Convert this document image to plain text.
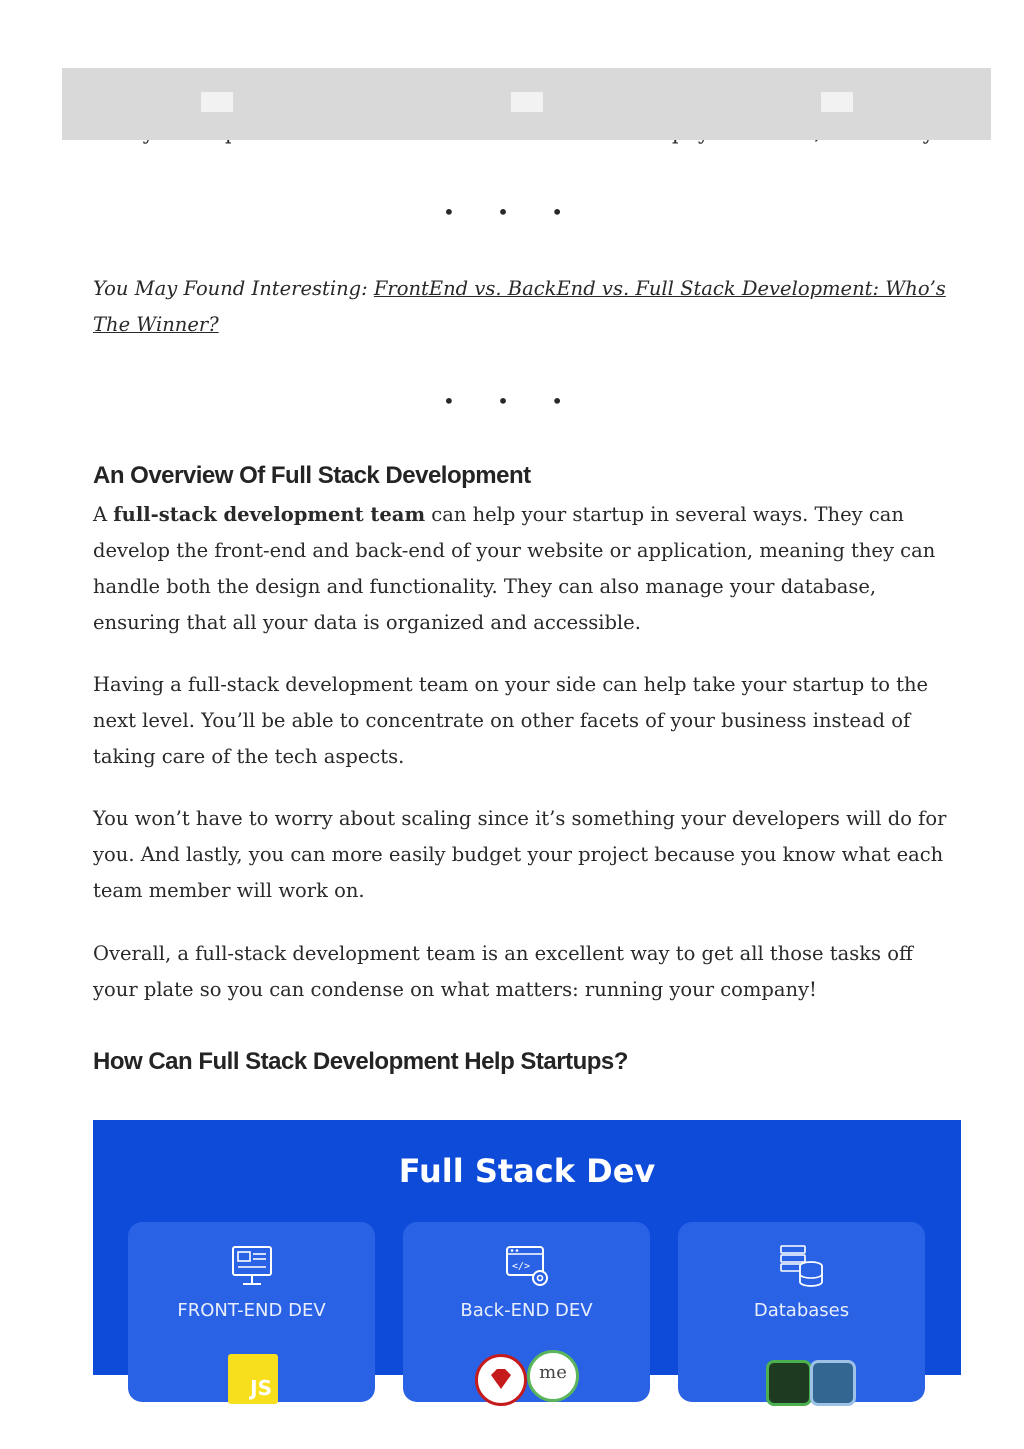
• • •

You May Found Interesting: FrontEnd vs. BackEnd vs. Full Stack Development: Who’s The Winner?

• • •
An Overview Of Full Stack Development

A full-stack development team can help your startup in several ways. They can develop the front-end and back-end of your website or application, meaning they can handle both the design and functionality. They can also manage your database, ensuring that all your data is organized and accessible.

Having a full-stack development team on your side can help take your startup to the next level. You’ll be able to concentrate on other facets of your business instead of taking care of the tech aspects.

You won’t have to worry about scaling since it’s something your developers will do for you. And lastly, you can more easily budget your project because you know what each team member will work on.

Overall, a full-stack development team is an excellent way to get all those tasks off your plate so you can condense on what matters: running your company!

How Can Full Stack Development Help Startups?
Full Stack Dev
FRONT-END DEV
JS
</>
Back-END DEV
me
Databases
